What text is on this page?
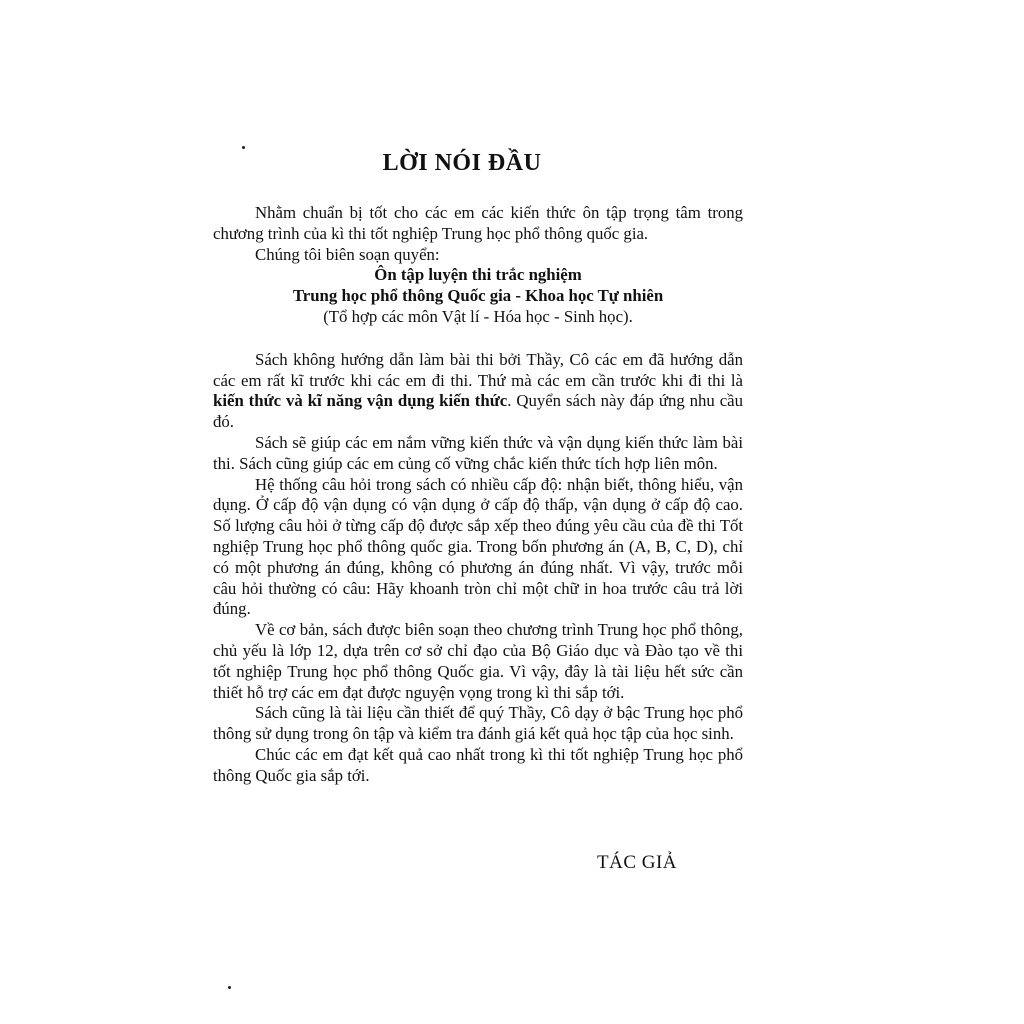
LỜI NÓI ĐẦU

Nhằm chuẩn bị tốt cho các em các kiến thức ôn tập trọng tâm trong chương trình của kì thi tốt nghiệp Trung học phổ thông quốc gia.

Chúng tôi biên soạn quyển:

Ôn tập luyện thi trắc nghiệm

Trung học phổ thông Quốc gia - Khoa học Tự nhiên

(Tổ hợp các môn Vật lí - Hóa học - Sinh học).

Sách không hướng dẫn làm bài thi bởi Thầy, Cô các em đã hướng dẫn các em rất kĩ trước khi các em đi thi. Thứ mà các em cần trước khi đi thi là kiến thức và kĩ năng vận dụng kiến thức. Quyển sách này đáp ứng nhu cầu đó.

Sách sẽ giúp các em nắm vững kiến thức và vận dụng kiến thức làm bài thi. Sách cũng giúp các em củng cố vững chắc kiến thức tích hợp liên môn.

Hệ thống câu hỏi trong sách có nhiều cấp độ: nhận biết, thông hiểu, vận dụng. Ở cấp độ vận dụng có vận dụng ở cấp độ thấp, vận dụng ở cấp độ cao. Số lượng câu hỏi ở từng cấp độ được sắp xếp theo đúng yêu cầu của đề thi Tốt nghiệp Trung học phổ thông quốc gia. Trong bốn phương án (A, B, C, D), chỉ có một phương án đúng, không có phương án đúng nhất. Vì vậy, trước mỗi câu hỏi thường có câu: Hãy khoanh tròn chỉ một chữ in hoa trước câu trả lời đúng.

Về cơ bản, sách được biên soạn theo chương trình Trung học phổ thông, chủ yếu là lớp 12, dựa trên cơ sở chỉ đạo của Bộ Giáo dục và Đào tạo về thi tốt nghiệp Trung học phổ thông Quốc gia. Vì vậy, đây là tài liệu hết sức cần thiết hỗ trợ các em đạt được nguyện vọng trong kì thi sắp tới.

Sách cũng là tài liệu cần thiết để quý Thầy, Cô dạy ở bậc Trung học phổ thông sử dụng trong ôn tập và kiểm tra đánh giá kết quả học tập của học sinh.

Chúc các em đạt kết quả cao nhất trong kì thi tốt nghiệp Trung học phổ thông Quốc gia sắp tới.

TÁC GIẢ
